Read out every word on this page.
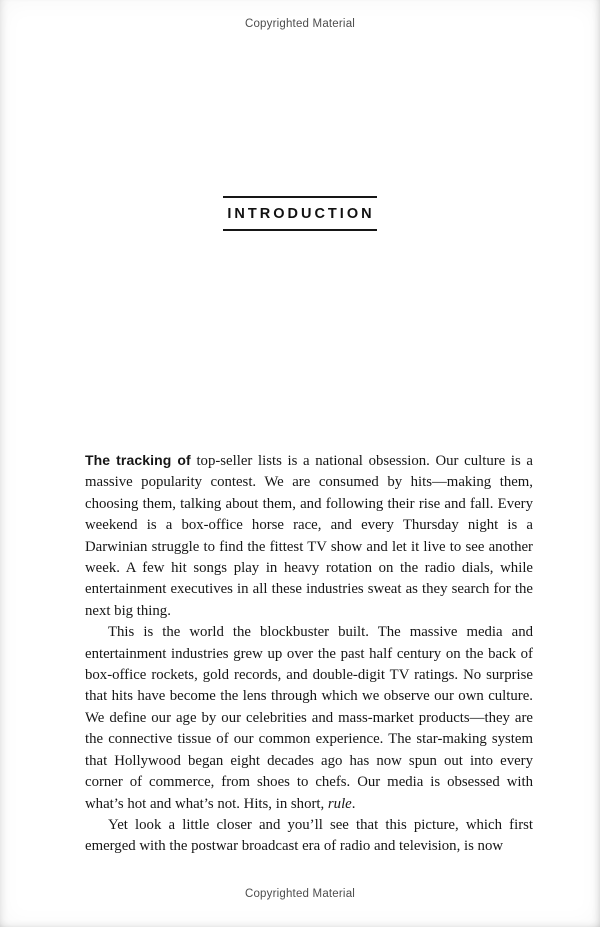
Copyrighted Material
INTRODUCTION

The tracking of top-seller lists is a national obsession. Our culture is a massive popularity contest. We are consumed by hits—making them, choosing them, talking about them, and following their rise and fall. Every weekend is a box-office horse race, and every Thursday night is a Darwinian struggle to find the fittest TV show and let it live to see another week. A few hit songs play in heavy rotation on the radio dials, while entertainment executives in all these industries sweat as they search for the next big thing.

This is the world the blockbuster built. The massive media and entertainment industries grew up over the past half century on the back of box-office rockets, gold records, and double-digit TV ratings. No surprise that hits have become the lens through which we observe our own culture. We define our age by our celebrities and mass-market products—they are the connective tissue of our common experience. The star-making system that Hollywood began eight decades ago has now spun out into every corner of commerce, from shoes to chefs. Our media is obsessed with what’s hot and what’s not. Hits, in short, rule.

Yet look a little closer and you’ll see that this picture, which first emerged with the postwar broadcast era of radio and television, is now

Copyrighted Material
